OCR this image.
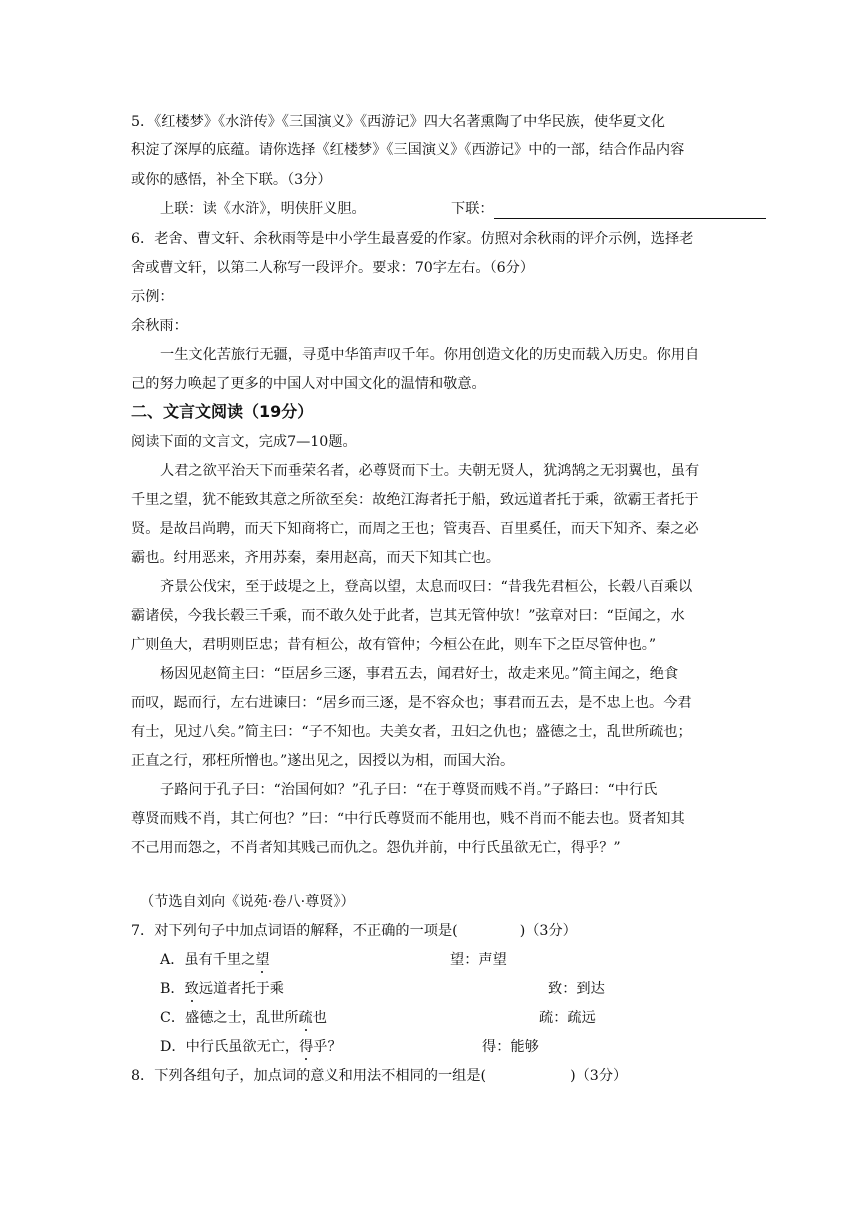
5．《红楼梦》《水浒传》《三国演义》《西游记》四大名著熏陶了中华民族，使华夏文化
积淀了深厚的底蕴。请你选择《红楼梦》《三国演义》《西游记》中的一部，结合作品内容
或你的感悟，补全下联。（3分）
上联：读《水浒》，明侠肝义胆。	下联：
6．老舍、曹文轩、余秋雨等是中小学生最喜爱的作家。仿照对余秋雨的评介示例，选择老
舍或曹文轩，以第二人称写一段评介。要求：70字左右。（6分）
示例：
余秋雨：
一生文化苦旅行无疆，寻觅中华笛声叹千年。你用创造文化的历史而载入历史。你用自
己的努力唤起了更多的中国人对中国文化的温情和敬意。
二、文言文阅读（19分）
阅读下面的文言文，完成7—10题。
人君之欲平治天下而垂荣名者，必尊贤而下士。夫朝无贤人，犹鸿鹄之无羽翼也，虽有
千里之望，犹不能致其意之所欲至矣：故绝江海者托于船，致远道者托于乘，欲霸王者托于
贤。是故吕尚聘，而天下知商将亡，而周之王也；管夷吾、百里奚任，而天下知齐、秦之必
霸也。纣用恶来，齐用苏秦，秦用赵高，而天下知其亡也。
齐景公伐宋，至于歧堤之上，登高以望，太息而叹曰：“昔我先君桓公，长毂八百乘以
霸诸侯，今我长毂三千乘，而不敢久处于此者，岂其无管仲欤！”弦章对曰：“臣闻之，水
广则鱼大，君明则臣忠；昔有桓公，故有管仲；今桓公在此，则车下之臣尽管仲也。”
杨因见赵简主曰：“臣居乡三逐，事君五去，闻君好士，故走来见。”简主闻之，绝食
而叹，跽而行，左右进谏曰：“居乡而三逐，是不容众也；事君而五去，是不忠上也。今君
有士，见过八矣。”简主曰：“子不知也。夫美女者，丑妇之仇也；盛德之士，乱世所疏也；
正直之行，邪枉所憎也。”遂出见之，因授以为相，而国大治。
子路问于孔子曰：“治国何如？”孔子曰：“在于尊贤而贱不肖。”子路曰：“中行氏
尊贤而贱不肖，其亡何也？”曰：“中行氏尊贤而不能用也，贱不肖而不能去也。贤者知其
不己用而怨之，不肖者知其贱己而仇之。怨仇并前，中行氏虽欲无亡，得乎？”
（节选自刘向《说苑·卷八·尊贤》）
7．对下列句子中加点词语的解释，不正确的一项是(	)（3分）
A．虽有千里之望	望：声望
B．致远道者托于乘	致：到达
C．盛德之士，乱世所疏也	疏：疏远
D．中行氏虽欲无亡，得乎？	得：能够
8．下列各组句子，加点词的意义和用法不相同的一组是(	)（3分）
